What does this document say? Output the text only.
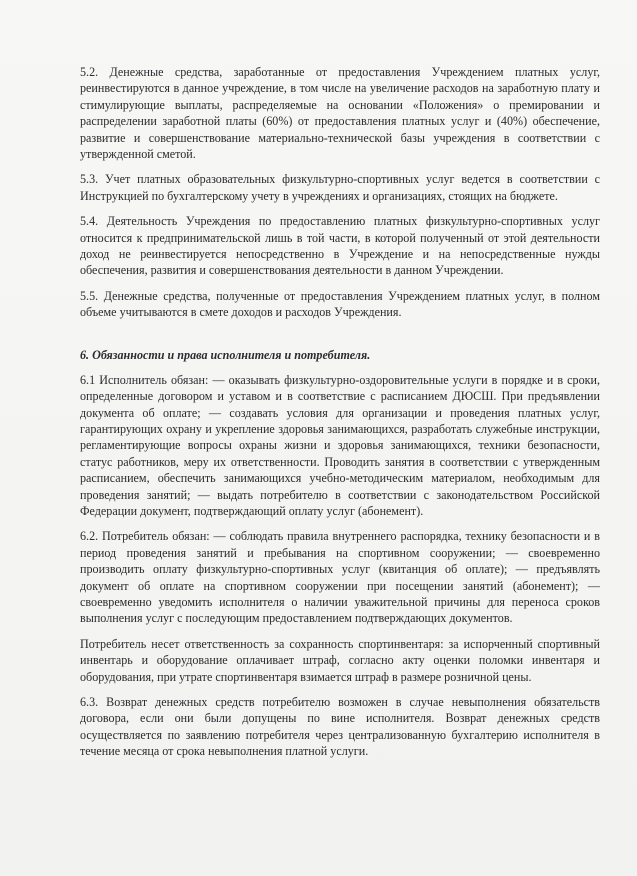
5.2. Денежные средства, заработанные от предоставления Учреждением платных услуг, реинвестируются в данное учреждение, в том числе на увеличение расходов на заработную плату и стимулирующие выплаты, распределяемые на основании «Положения» о премировании и распределении заработной платы (60%) от предоставления платных услуг и (40%) обеспечение, развитие и совершенствование материально-технической базы учреждения в соответствии с утвержденной сметой.

5.3. Учет платных образовательных физкультурно-спортивных услуг ведется в соответствии с Инструкцией по бухгалтерскому учету в учреждениях и организациях, стоящих на бюджете.

5.4. Деятельность Учреждения по предоставлению платных физкультурно-спортивных услуг относится к предпринимательской лишь в той части, в которой полученный от этой деятельности доход не реинвестируется непосредственно в Учреждение и на непосредственные нужды обеспечения, развития и совершенствования деятельности в данном Учреждении.

5.5. Денежные средства, полученные от предоставления Учреждением платных услуг, в полном объеме учитываются в смете доходов и расходов Учреждения.

6. Обязанности и права исполнителя и потребителя.

6.1 Исполнитель обязан: — оказывать физкультурно-оздоровительные услуги в порядке и в сроки, определенные договором и уставом и в соответствие с расписанием ДЮСШ. При предъявлении документа об оплате; — создавать условия для организации и проведения платных услуг, гарантирующих охрану и укрепление здоровья занимающихся, разработать служебные инструкции, регламентирующие вопросы охраны жизни и здоровья занимающихся, техники безопасности, статус работников, меру их ответственности. Проводить занятия в соответствии с утвержденным расписанием, обеспечить занимающихся учебно-методическим материалом, необходимым для проведения занятий; — выдать потребителю в соответствии с законодательством Российской Федерации документ, подтверждающий оплату услуг (абонемент).

6.2. Потребитель обязан: — соблюдать правила внутреннего распорядка, технику безопасности и в период проведения занятий и пребывания на спортивном сооружении; — своевременно производить оплату физкультурно-спортивных услуг (квитанция об оплате); — предъявлять документ об оплате на спортивном сооружении при посещении занятий (абонемент); — своевременно уведомить исполнителя о наличии уважительной причины для переноса сроков выполнения услуг с последующим предоставлением подтверждающих документов.

Потребитель несет ответственность за сохранность спортинвентаря: за испорченный спортивный инвентарь и оборудование оплачивает штраф, согласно акту оценки поломки инвентаря и оборудования, при утрате спортинвентаря взимается штраф в размере розничной цены.

6.3. Возврат денежных средств потребителю возможен в случае невыполнения обязательств договора, если они были допущены по вине исполнителя. Возврат денежных средств осуществляется по заявлению потребителя через централизованную бухгалтерию исполнителя в течение месяца от срока невыполнения платной услуги.
